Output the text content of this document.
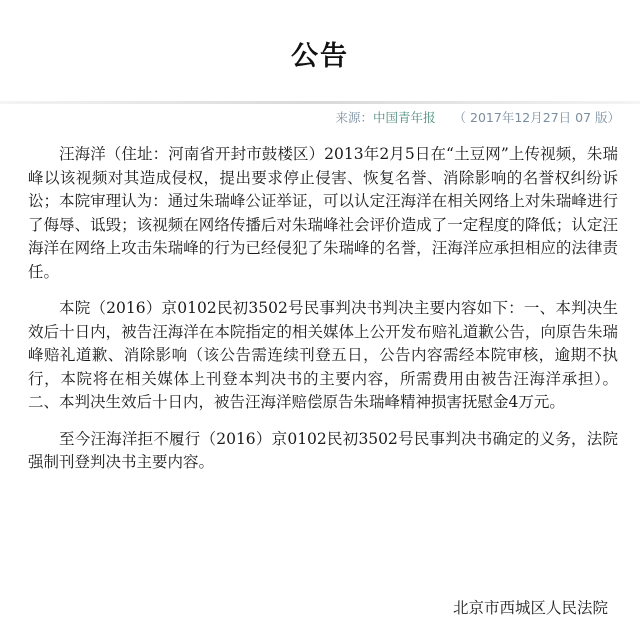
公告
来源：中国青年报 （ 2017年12月27日 07 版）

汪海洋（住址：河南省开封市鼓楼区）2013年2月5日在“土豆网”上传视频，朱瑞峰以该视频对其造成侵权，提出要求停止侵害、恢复名誉、消除影响的名誉权纠纷诉讼；本院审理认为：通过朱瑞峰公证举证，可以认定汪海洋在相关网络上对朱瑞峰进行了侮辱、诋毁；该视频在网络传播后对朱瑞峰社会评价造成了一定程度的降低；认定汪海洋在网络上攻击朱瑞峰的行为已经侵犯了朱瑞峰的名誉，汪海洋应承担相应的法律责任。

本院（2016）京0102民初3502号民事判决书判决主要内容如下：一、本判决生效后十日内，被告汪海洋在本院指定的相关媒体上公开发布赔礼道歉公告，向原告朱瑞峰赔礼道歉、消除影响（该公告需连续刊登五日，公告内容需经本院审核，逾期不执行，本院将在相关媒体上刊登本判决书的主要内容，所需费用由被告汪海洋承担）。二、本判决生效后十日内，被告汪海洋赔偿原告朱瑞峰精神损害抚慰金4万元。

至今汪海洋拒不履行（2016）京0102民初3502号民事判决书确定的义务，法院强制刊登判决书主要内容。

北京市西城区人民法院
